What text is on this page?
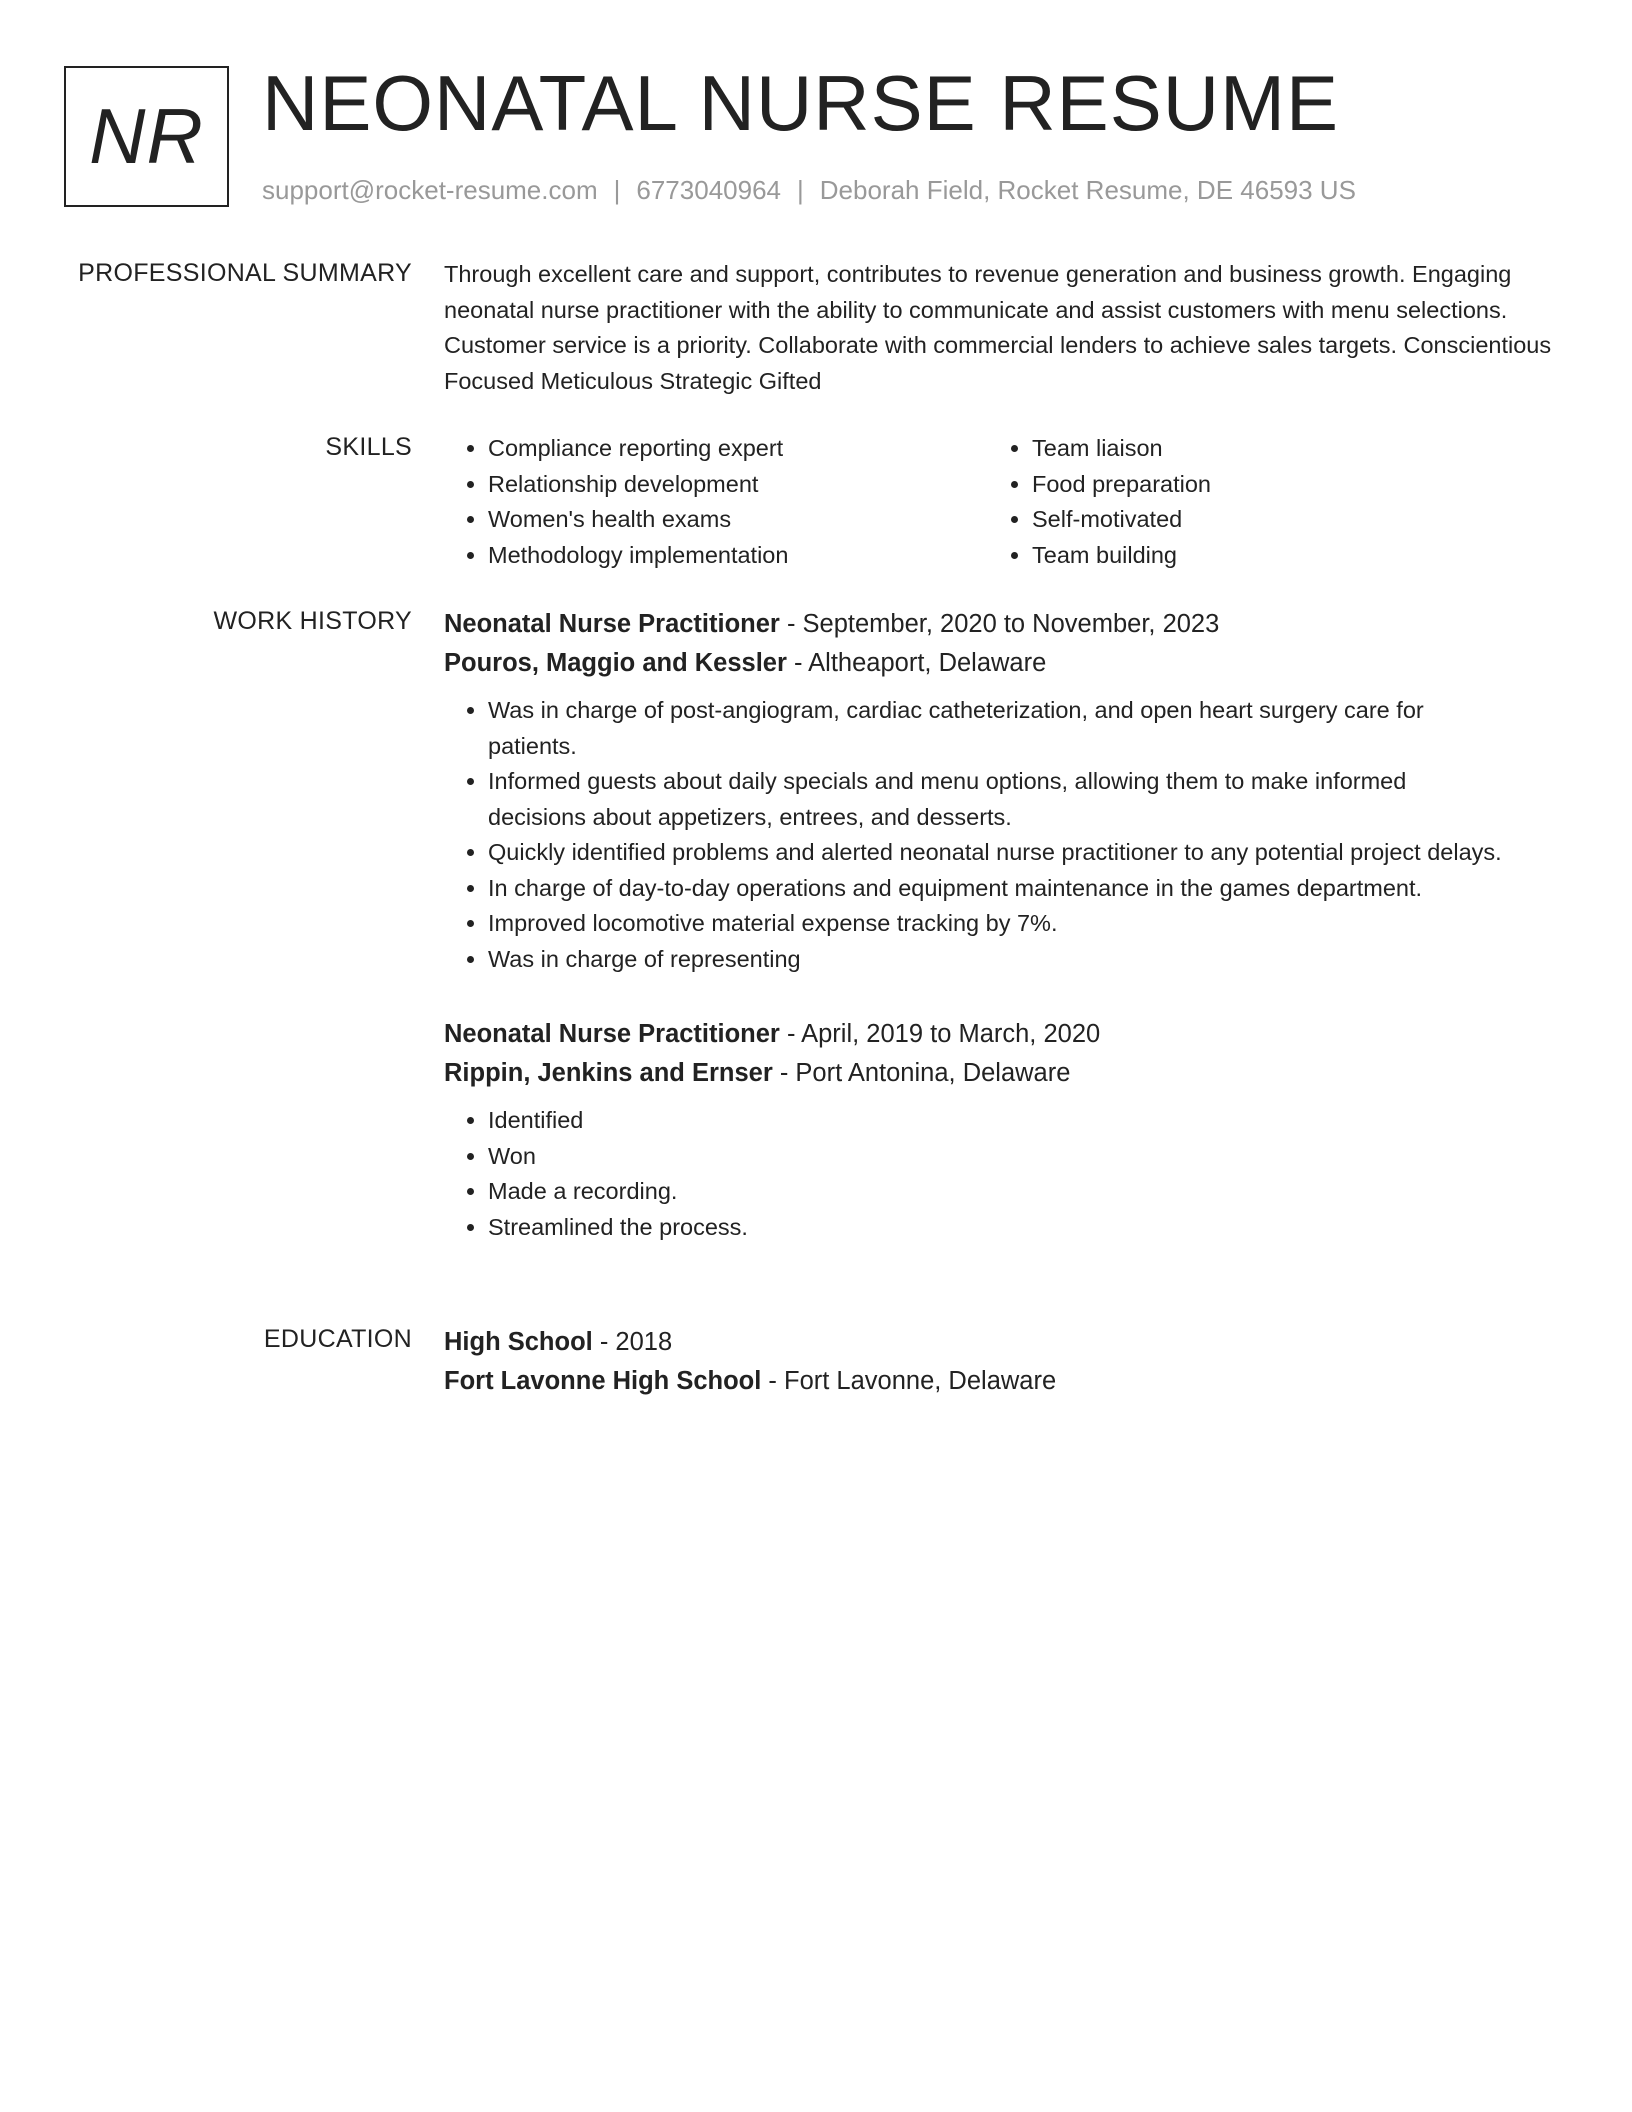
NR NEONATAL NURSE RESUME
support@rocket-resume.com | 6773040964 | Deborah Field, Rocket Resume, DE 46593 US
PROFESSIONAL SUMMARY Through excellent care and support, contributes to revenue generation and business growth. Engaging neonatal nurse practitioner with the ability to communicate and assist customers with menu selections. Customer service is a priority. Collaborate with commercial lenders to achieve sales targets. Conscientious Focused Meticulous Strategic Gifted

SKILLS
•	Compliance reporting expert
• Relationship development
• Women's health exams
• Methodology implementation
• Team liaison
• Food preparation
• Self-motivated
• Team building
WORK HISTORY Neonatal Nurse Practitioner - September, 2020 to November, 2023
Pouros, Maggio and Kessler - Altheaport, Delaware
• Was in charge of post-angiogram, cardiac catheterization, and open heart surgery care for patients.
• Informed guests about daily specials and menu options, allowing them to make informed decisions about appetizers, entrees, and desserts.
• Quickly identified problems and alerted neonatal nurse practitioner to any potential project delays.
• In charge of day-to-day operations and equipment maintenance in the games department.
• Improved locomotive material expense tracking by 7%.
• Was in charge of representing
Neonatal Nurse Practitioner - April, 2019 to March, 2020
Rippin, Jenkins and Ernser - Port Antonina, Delaware
• Identified
• Won
• Made a recording.
• Streamlined the process.
EDUCATION High School - 2018
Fort Lavonne High School - Fort Lavonne, Delaware
